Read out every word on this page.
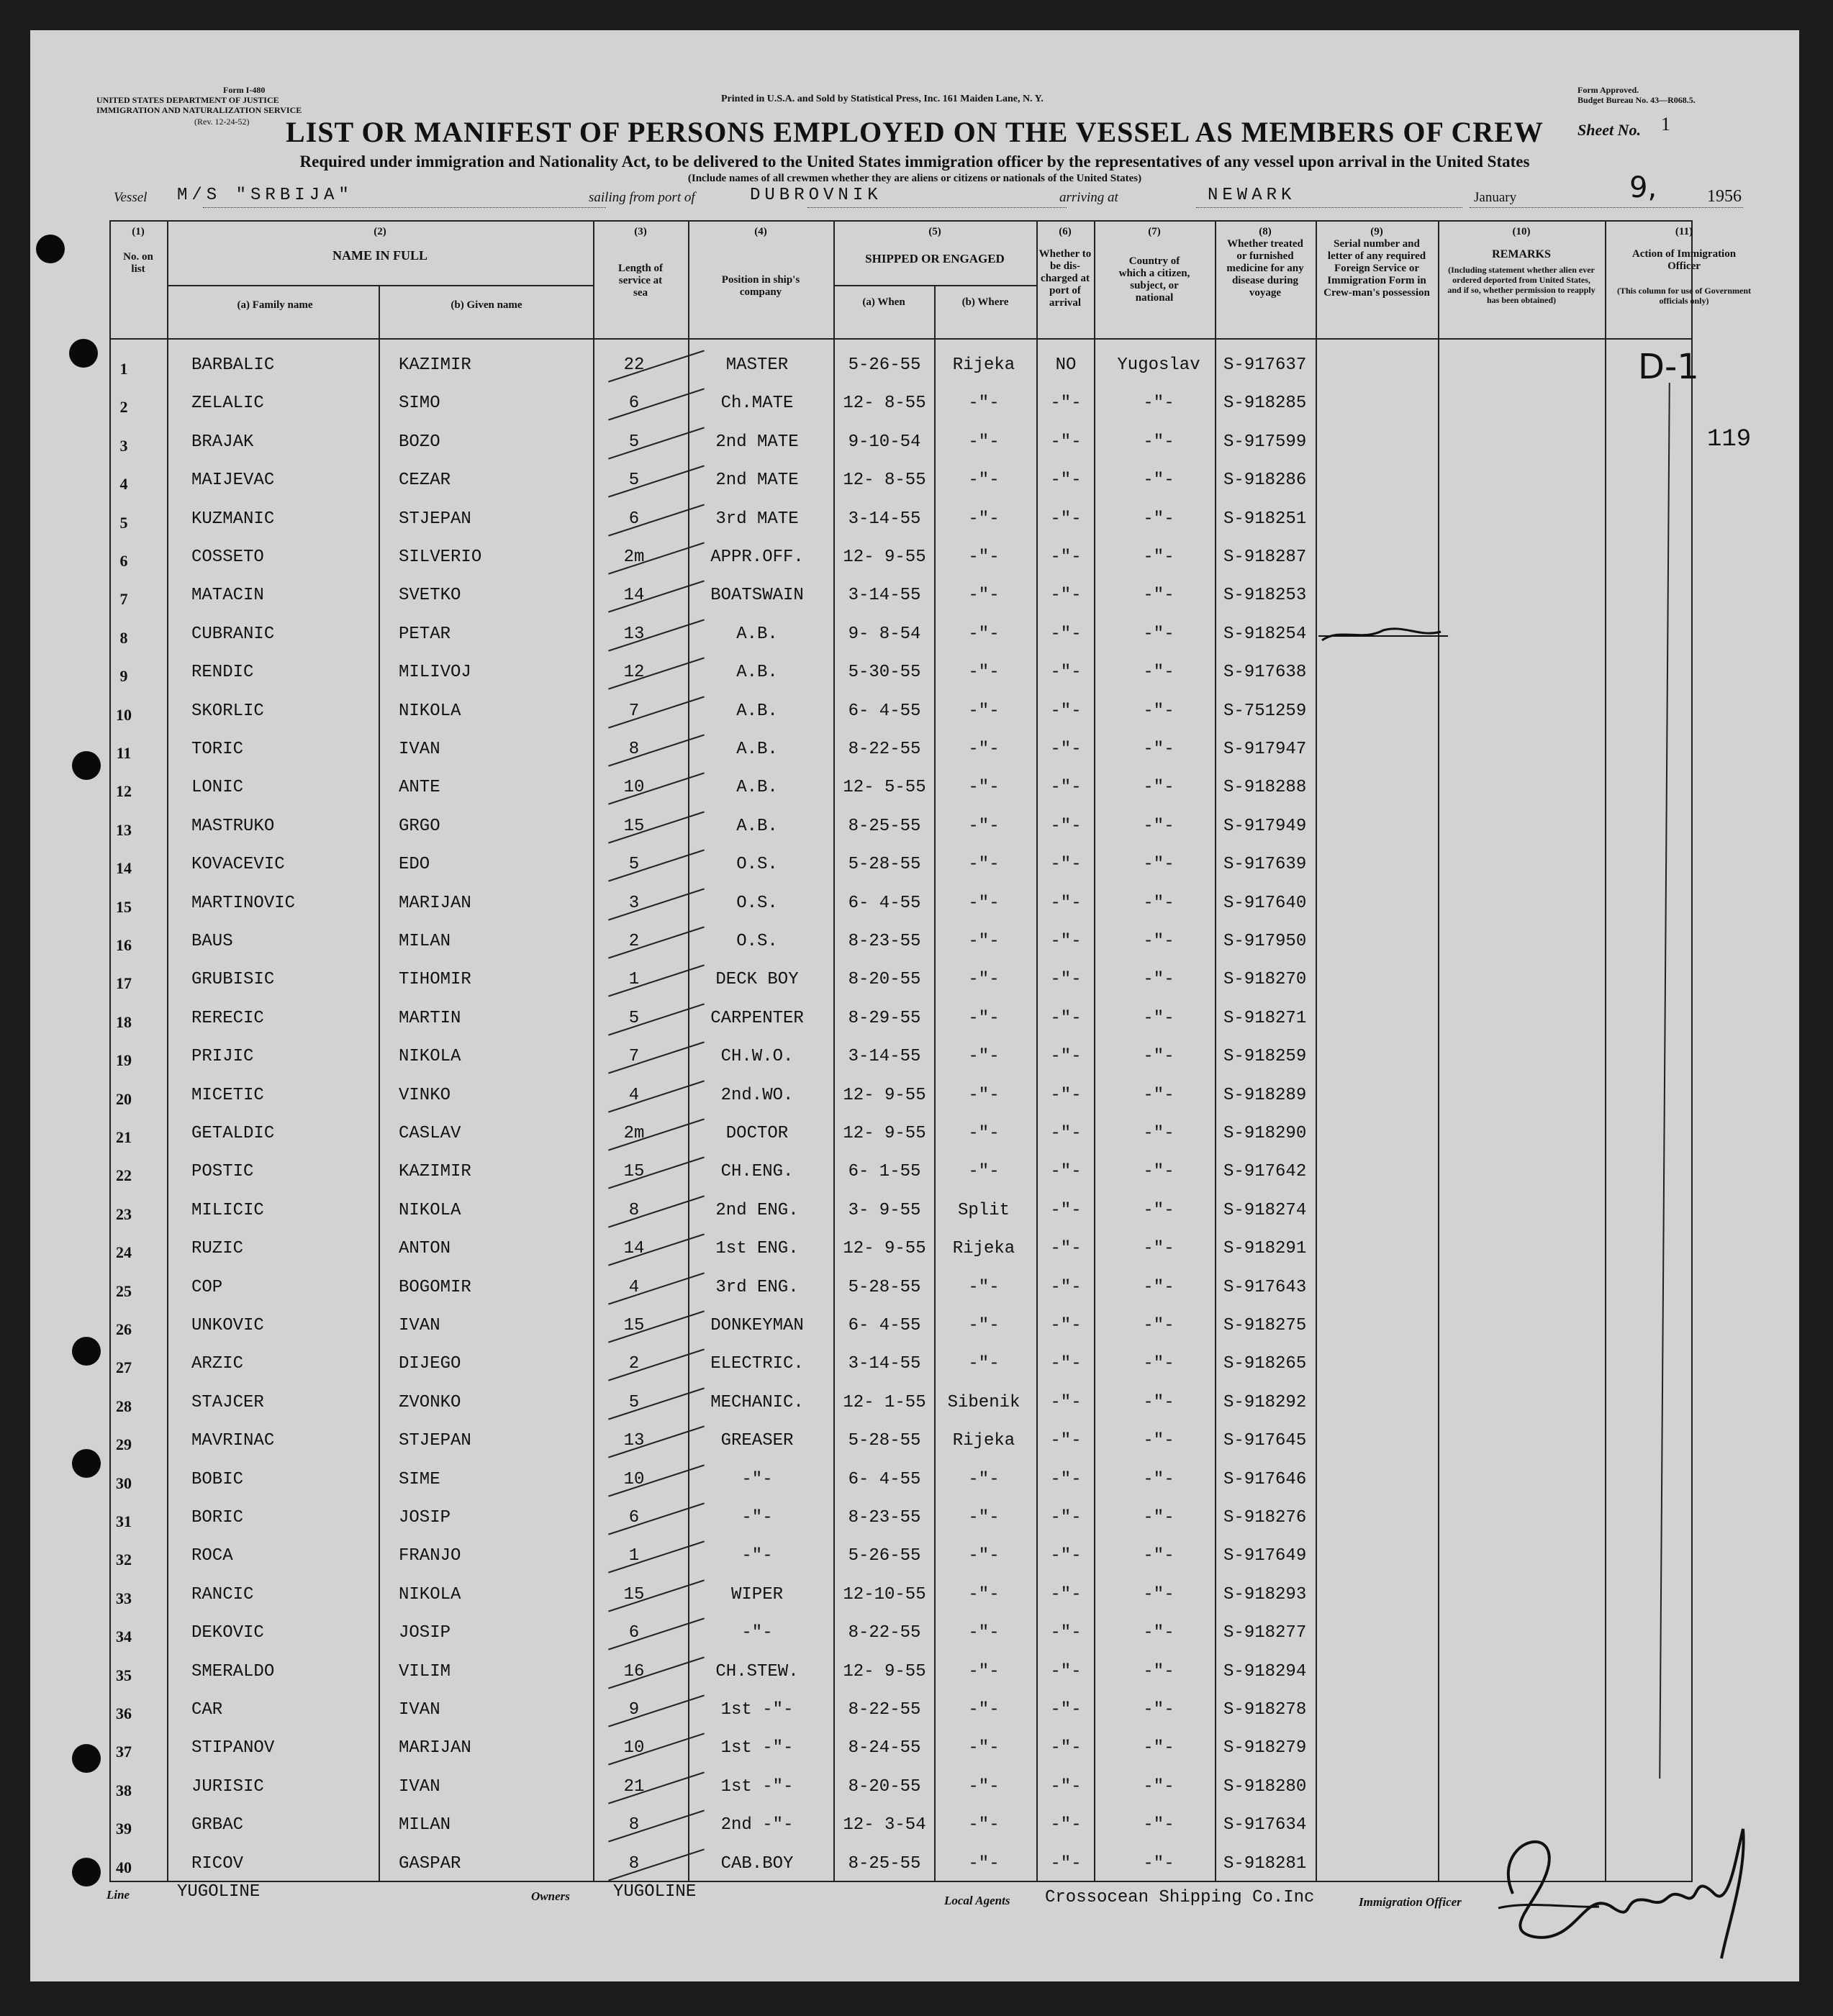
UNITED STATES DEPARTMENT OF JUSTICE
IMMIGRATION AND NATURALIZATION SERVICE
Form I-480
(Rev. 12-24-52)
Printed in U.S.A. and Sold by Statistical Press, Inc. 161 Maiden Lane, N. Y.
Form Approved.
Budget Bureau No. 43—R068.5.
LIST OR MANIFEST OF PERSONS EMPLOYED ON THE VESSEL AS MEMBERS OF CREW	Sheet No. 1
Required under immigration and Nationality Act, to be delivered to the United States immigration officer by the representatives of any vessel upon arrival in the United States
(Include names of all crewmen whether they are aliens or citizens or nationals of the United States)
Vessel M/S "SRBIJA"	sailing from port of	DUBROVNIK	arriving at	NEWARK	January	9,	1956
(1)
No. on list
(2)
NAME IN FULL
(a) Family name	(b) Given name
(3)
Length of service at sea
(4)
Position in ship's company
(5)
SHIPPED OR ENGAGED
(a) When	(b) Where
(6)
Whether to be dis-charged at port of arrival
(7)
Country of which a citizen, subject, or national
(8)
Whether treated or furnished medicine for any disease during voyage
(9)
Serial number and letter of any required Foreign Service or Immigration Form in Crew-man's possession
(10)
REMARKS
(Including statement whether alien ever ordered deported from United States, and if so, whether permission to reapply has been obtained)
(11)
Action of Immigration Officer
(This column for use of Government officials only)
1	BARBALIC	KAZIMIR	22	MASTER	5-26-55	Rijeka	NO	Yugoslav	S-917637
2	ZELALIC	SIMO	6	Ch.MATE	12- 8-55	-"-	-"-	-"-	S-918285
3	BRAJAK	BOZO	5	2nd MATE	9-10-54	-"-	-"-	-"-	S-917599
4	MAIJEVAC	CEZAR	5	2nd MATE	12- 8-55	-"-	-"-	-"-	S-918286
5	KUZMANIC	STJEPAN	6	3rd MATE	3-14-55	-"-	-"-	-"-	S-918251
6	COSSETO	SILVERIO	2m	APPR.OFF.	12- 9-55	-"-	-"-	-"-	S-918287
7	MATACIN	SVETKO	14	BOATSWAIN	3-14-55	-"-	-"-	-"-	S-918253
8	CUBRANIC	PETAR	13	A.B.	9- 8-54	-"-	-"-	-"-	S-918254
9	RENDIC	MILIVOJ	12	A.B.	5-30-55	-"-	-"-	-"-	S-917638
10	SKORLIC	NIKOLA	7	A.B.	6- 4-55	-"-	-"-	-"-	S-751259
11	TORIC	IVAN	8	A.B.	8-22-55	-"-	-"-	-"-	S-917947
12	LONIC	ANTE	10	A.B.	12- 5-55	-"-	-"-	-"-	S-918288
13	MASTRUKO	GRGO	15	A.B.	8-25-55	-"-	-"-	-"-	S-917949
14	KOVACEVIC	EDO	5	O.S.	5-28-55	-"-	-"-	-"-	S-917639
15	MARTINOVIC	MARIJAN	3	O.S.	6- 4-55	-"-	-"-	-"-	S-917640
16	BAUS	MILAN	2	O.S.	8-23-55	-"-	-"-	-"-	S-917950
17	GRUBISIC	TIHOMIR	1	DECK BOY	8-20-55	-"-	-"-	-"-	S-918270
18	RERECIC	MARTIN	5	CARPENTER	8-29-55	-"-	-"-	-"-	S-918271
19	PRIJIC	NIKOLA	7	CH.W.O.	3-14-55	-"-	-"-	-"-	S-918259
20	MICETIC	VINKO	4	2nd.WO.	12- 9-55	-"-	-"-	-"-	S-918289
21	GETALDIC	CASLAV	2m	DOCTOR	12- 9-55	-"-	-"-	-"-	S-918290
22	POSTIC	KAZIMIR	15	CH.ENG.	6- 1-55	-"-	-"-	-"-	S-917642
23	MILICIC	NIKOLA	8	2nd ENG.	3- 9-55	Split	-"-	-"-	S-918274
24	RUZIC	ANTON	14	1st ENG.	12- 9-55	Rijeka	-"-	-"-	S-918291
25	COP	BOGOMIR	4	3rd ENG.	5-28-55	-"-	-"-	-"-	S-917643
26	UNKOVIC	IVAN	15	DONKEYMAN	6- 4-55	-"-	-"-	-"-	S-918275
27	ARZIC	DIJEGO	2	ELECTRIC.	3-14-55	-"-	-"-	-"-	S-918265
28	STAJCER	ZVONKO	5	MECHANIC.	12- 1-55	Sibenik	-"-	-"-	S-918292
29	MAVRINAC	STJEPAN	13	GREASER	5-28-55	Rijeka	-"-	-"-	S-917645
30	BOBIC	SIME	10	-"-	6- 4-55	-"-	-"-	-"-	S-917646
31	BORIC	JOSIP	6	-"-	8-23-55	-"-	-"-	-"-	S-918276
32	ROCA	FRANJO	1	-"-	5-26-55	-"-	-"-	-"-	S-917649
33	RANCIC	NIKOLA	15	WIPER	12-10-55	-"-	-"-	-"-	S-918293
34	DEKOVIC	JOSIP	6	-"-	8-22-55	-"-	-"-	-"-	S-918277
35	SMERALDO	VILIM	16	CH.STEW.	12- 9-55	-"-	-"-	-"-	S-918294
36	CAR	IVAN	9	1st -"-	8-22-55	-"-	-"-	-"-	S-918278
37	STIPANOV	MARIJAN	10	1st -"-	8-24-55	-"-	-"-	-"-	S-918279
38	JURISIC	IVAN	21	1st -"-	8-20-55	-"-	-"-	-"-	S-918280
39	GRBAC	MILAN	8	2nd -"-	12- 3-54	-"-	-"-	-"-	S-917634
40	RICOV	GASPAR	8	CAB.BOY	8-25-55	-"-	-"-	-"-	S-918281
D-1
119
Line	YUGOLINE	Owners	YUGOLINE	Local Agents Crossocean Shipping Co.Inc	Immigration Officer
